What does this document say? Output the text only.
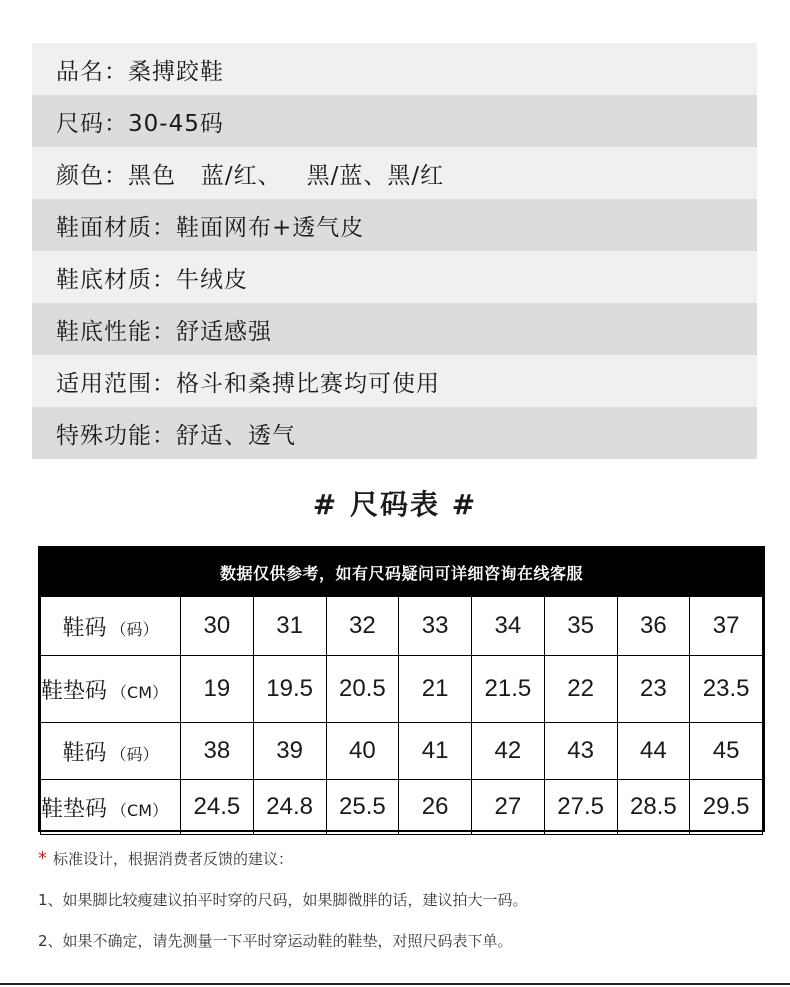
品名：桑搏跤鞋
尺码：30-45码
颜色：黑色   蓝/红、   黑/蓝、黑/红
鞋面材质：鞋面网布+透气皮
鞋底材质：牛绒皮
鞋底性能：舒适感强
适用范围：格斗和桑搏比赛均可使用
特殊功能：舒适、透气
# 尺码表 #
数据仅供参考，如有尺码疑问可详细咨询在线客服
鞋码 （码）	30	31	32	33	34	35	36	37
鞋垫码 （CM）	19	19.5	20.5	21	21.5	22	23	23.5
鞋码 （码）	38	39	40	41	42	43	44	45
鞋垫码 （CM）	24.5	24.8	25.5	26	27	27.5	28.5	29.5
* 标准设计，根据消费者反馈的建议：
1、如果脚比较瘦建议拍平时穿的尺码，如果脚微胖的话，建议拍大一码。
2、如果不确定，请先测量一下平时穿运动鞋的鞋垫，对照尺码表下单。
